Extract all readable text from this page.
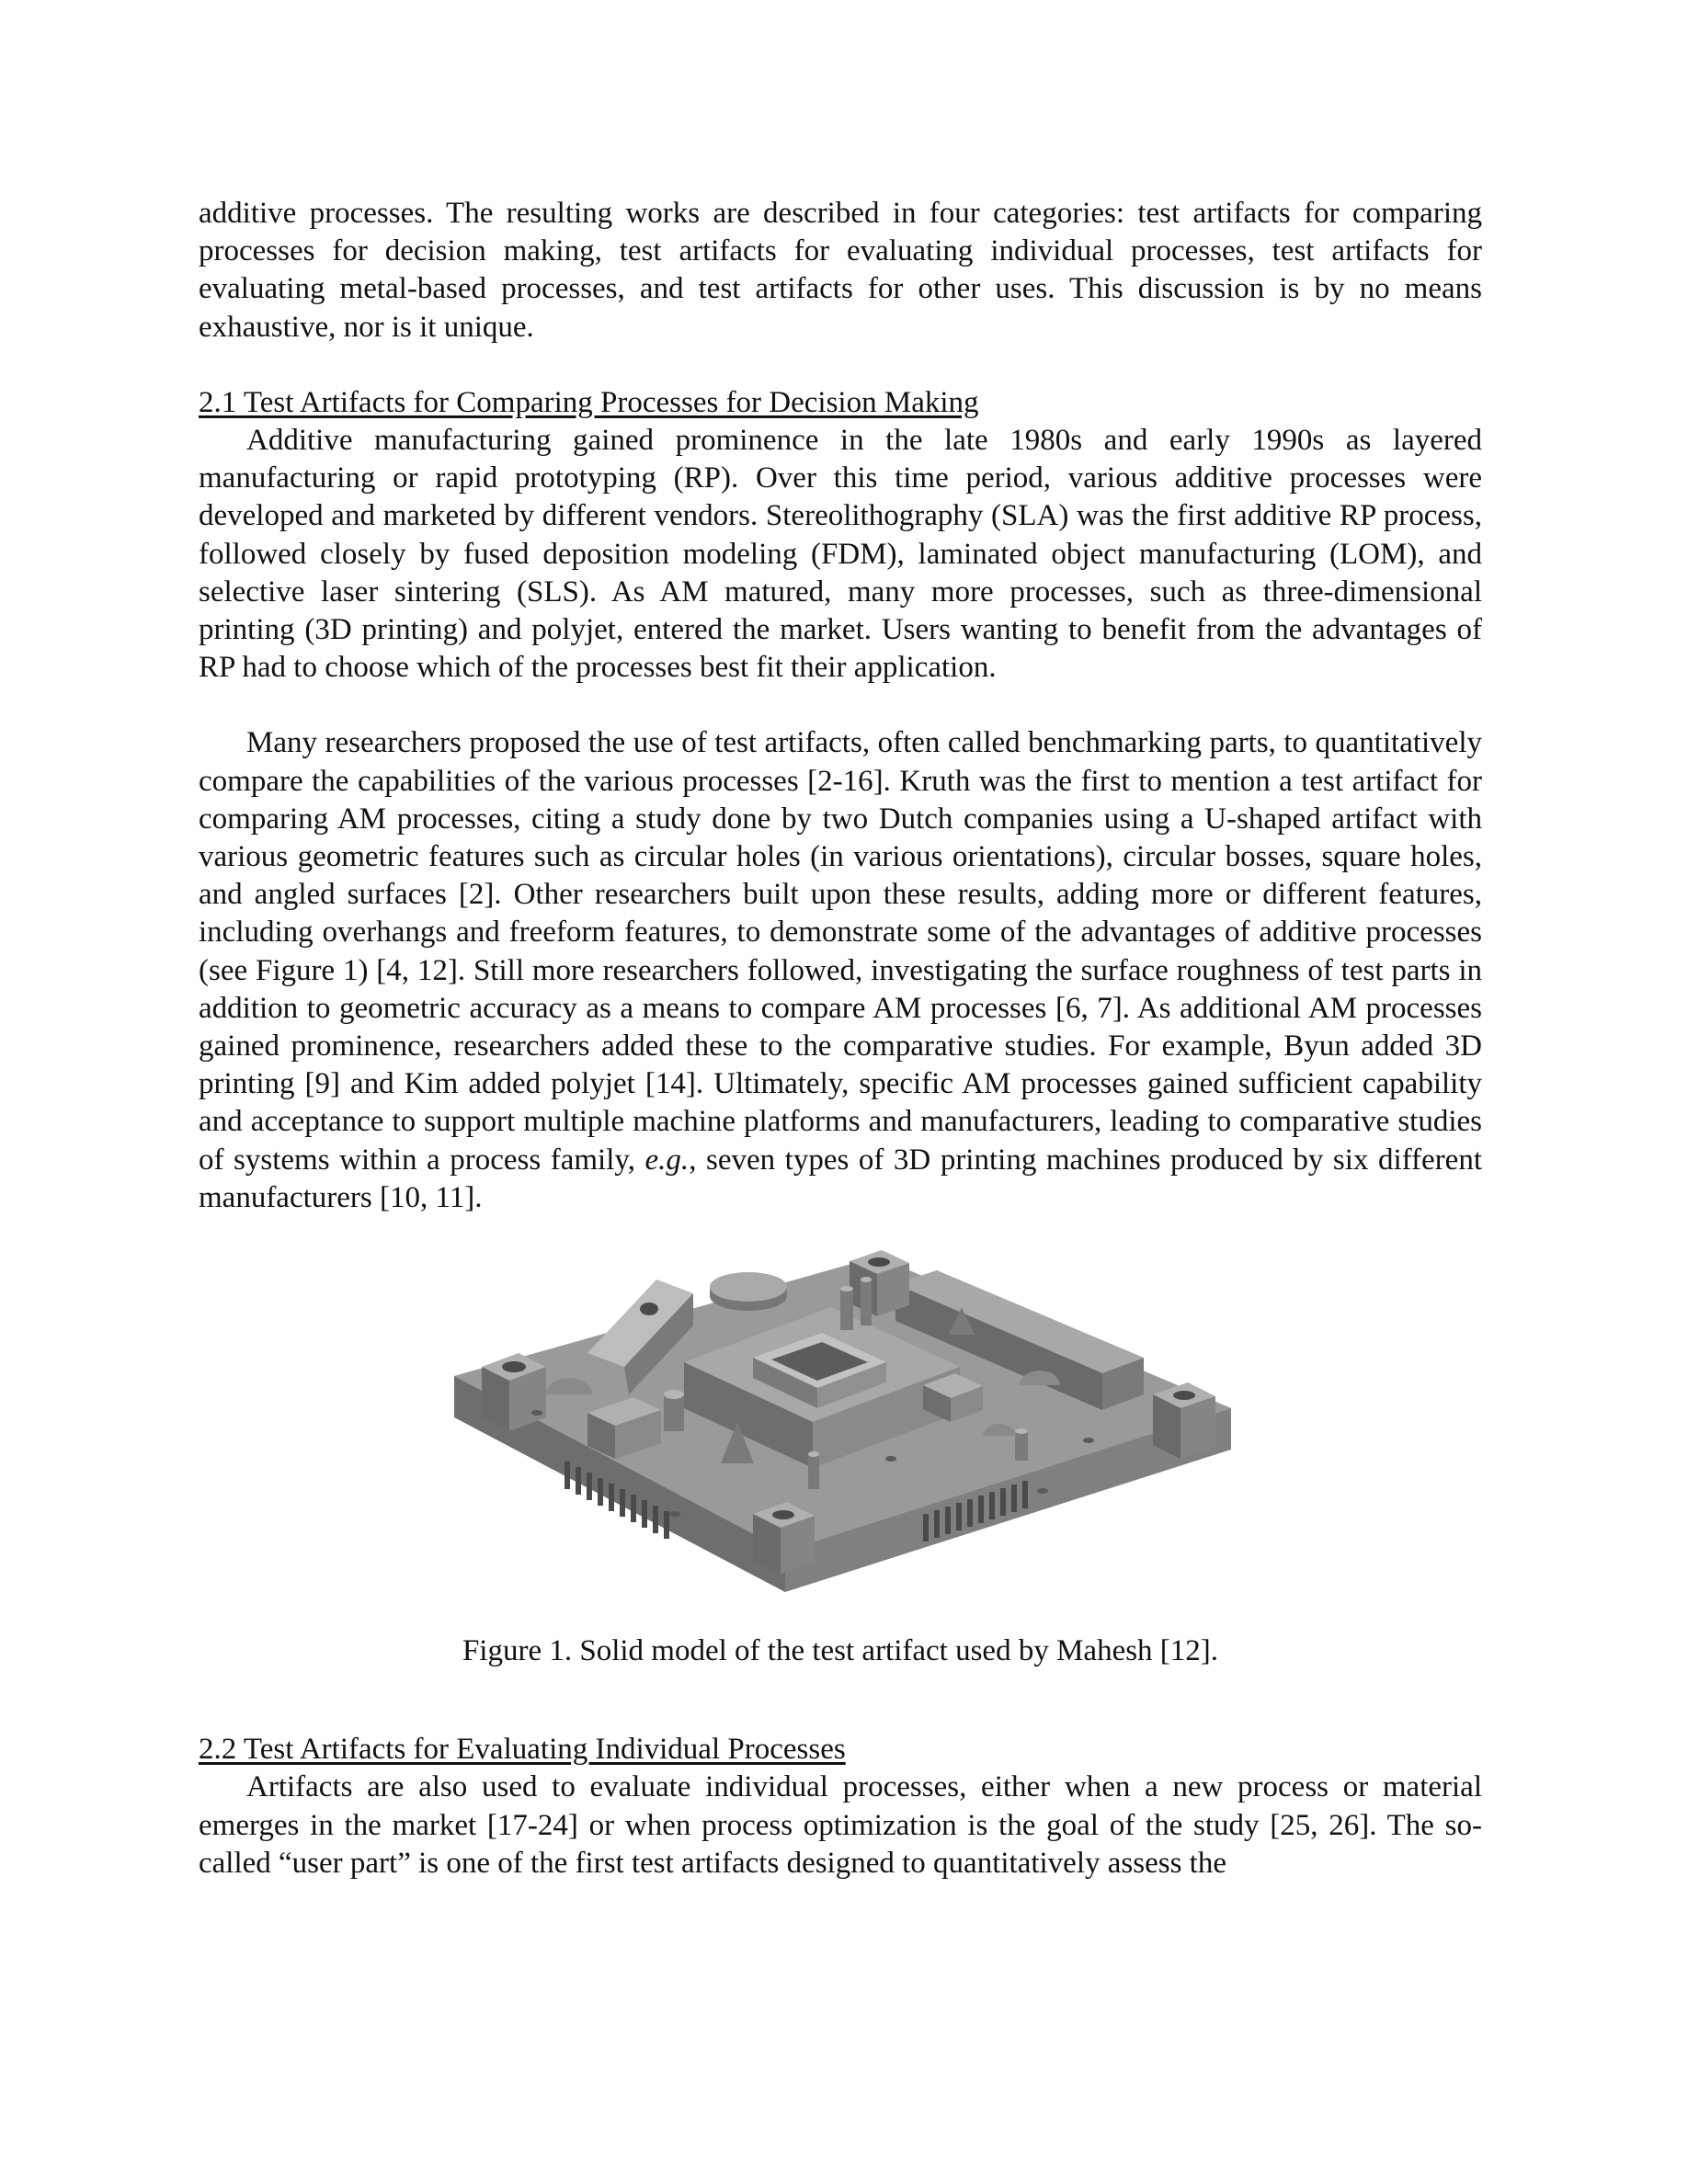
additive processes. The resulting works are described in four categories: test artifacts for comparing processes for decision making, test artifacts for evaluating individual processes, test artifacts for evaluating metal-based processes, and test artifacts for other uses. This discussion is by no means exhaustive, nor is it unique.

2.1 Test Artifacts for Comparing Processes for Decision Making

Additive manufacturing gained prominence in the late 1980s and early 1990s as layered manufacturing or rapid prototyping (RP). Over this time period, various additive processes were developed and marketed by different vendors. Stereolithography (SLA) was the first additive RP process, followed closely by fused deposition modeling (FDM), laminated object manufacturing (LOM), and selective laser sintering (SLS). As AM matured, many more processes, such as three-dimensional printing (3D printing) and polyjet, entered the market. Users wanting to benefit from the advantages of RP had to choose which of the processes best fit their application.

Many researchers proposed the use of test artifacts, often called benchmarking parts, to quantitatively compare the capabilities of the various processes [2-16]. Kruth was the first to mention a test artifact for comparing AM processes, citing a study done by two Dutch companies using a U-shaped artifact with various geometric features such as circular holes (in various orientations), circular bosses, square holes, and angled surfaces [2]. Other researchers built upon these results, adding more or different features, including overhangs and freeform features, to demonstrate some of the advantages of additive processes (see Figure 1) [4, 12]. Still more researchers followed, investigating the surface roughness of test parts in addition to geometric accuracy as a means to compare AM processes [6, 7]. As additional AM processes gained prominence, researchers added these to the comparative studies. For example, Byun added 3D printing [9] and Kim added polyjet [14]. Ultimately, specific AM processes gained sufficient capability and acceptance to support multiple machine platforms and manufacturers, leading to comparative studies of systems within a process family, e.g., seven types of 3D printing machines produced by six different manufacturers [10, 11].

Figure 1. Solid model of the test artifact used by Mahesh [12].

2.2 Test Artifacts for Evaluating Individual Processes

Artifacts are also used to evaluate individual processes, either when a new process or material emerges in the market [17-24] or when process optimization is the goal of the study [25, 26]. The so-called “user part” is one of the first test artifacts designed to quantitatively assess the
